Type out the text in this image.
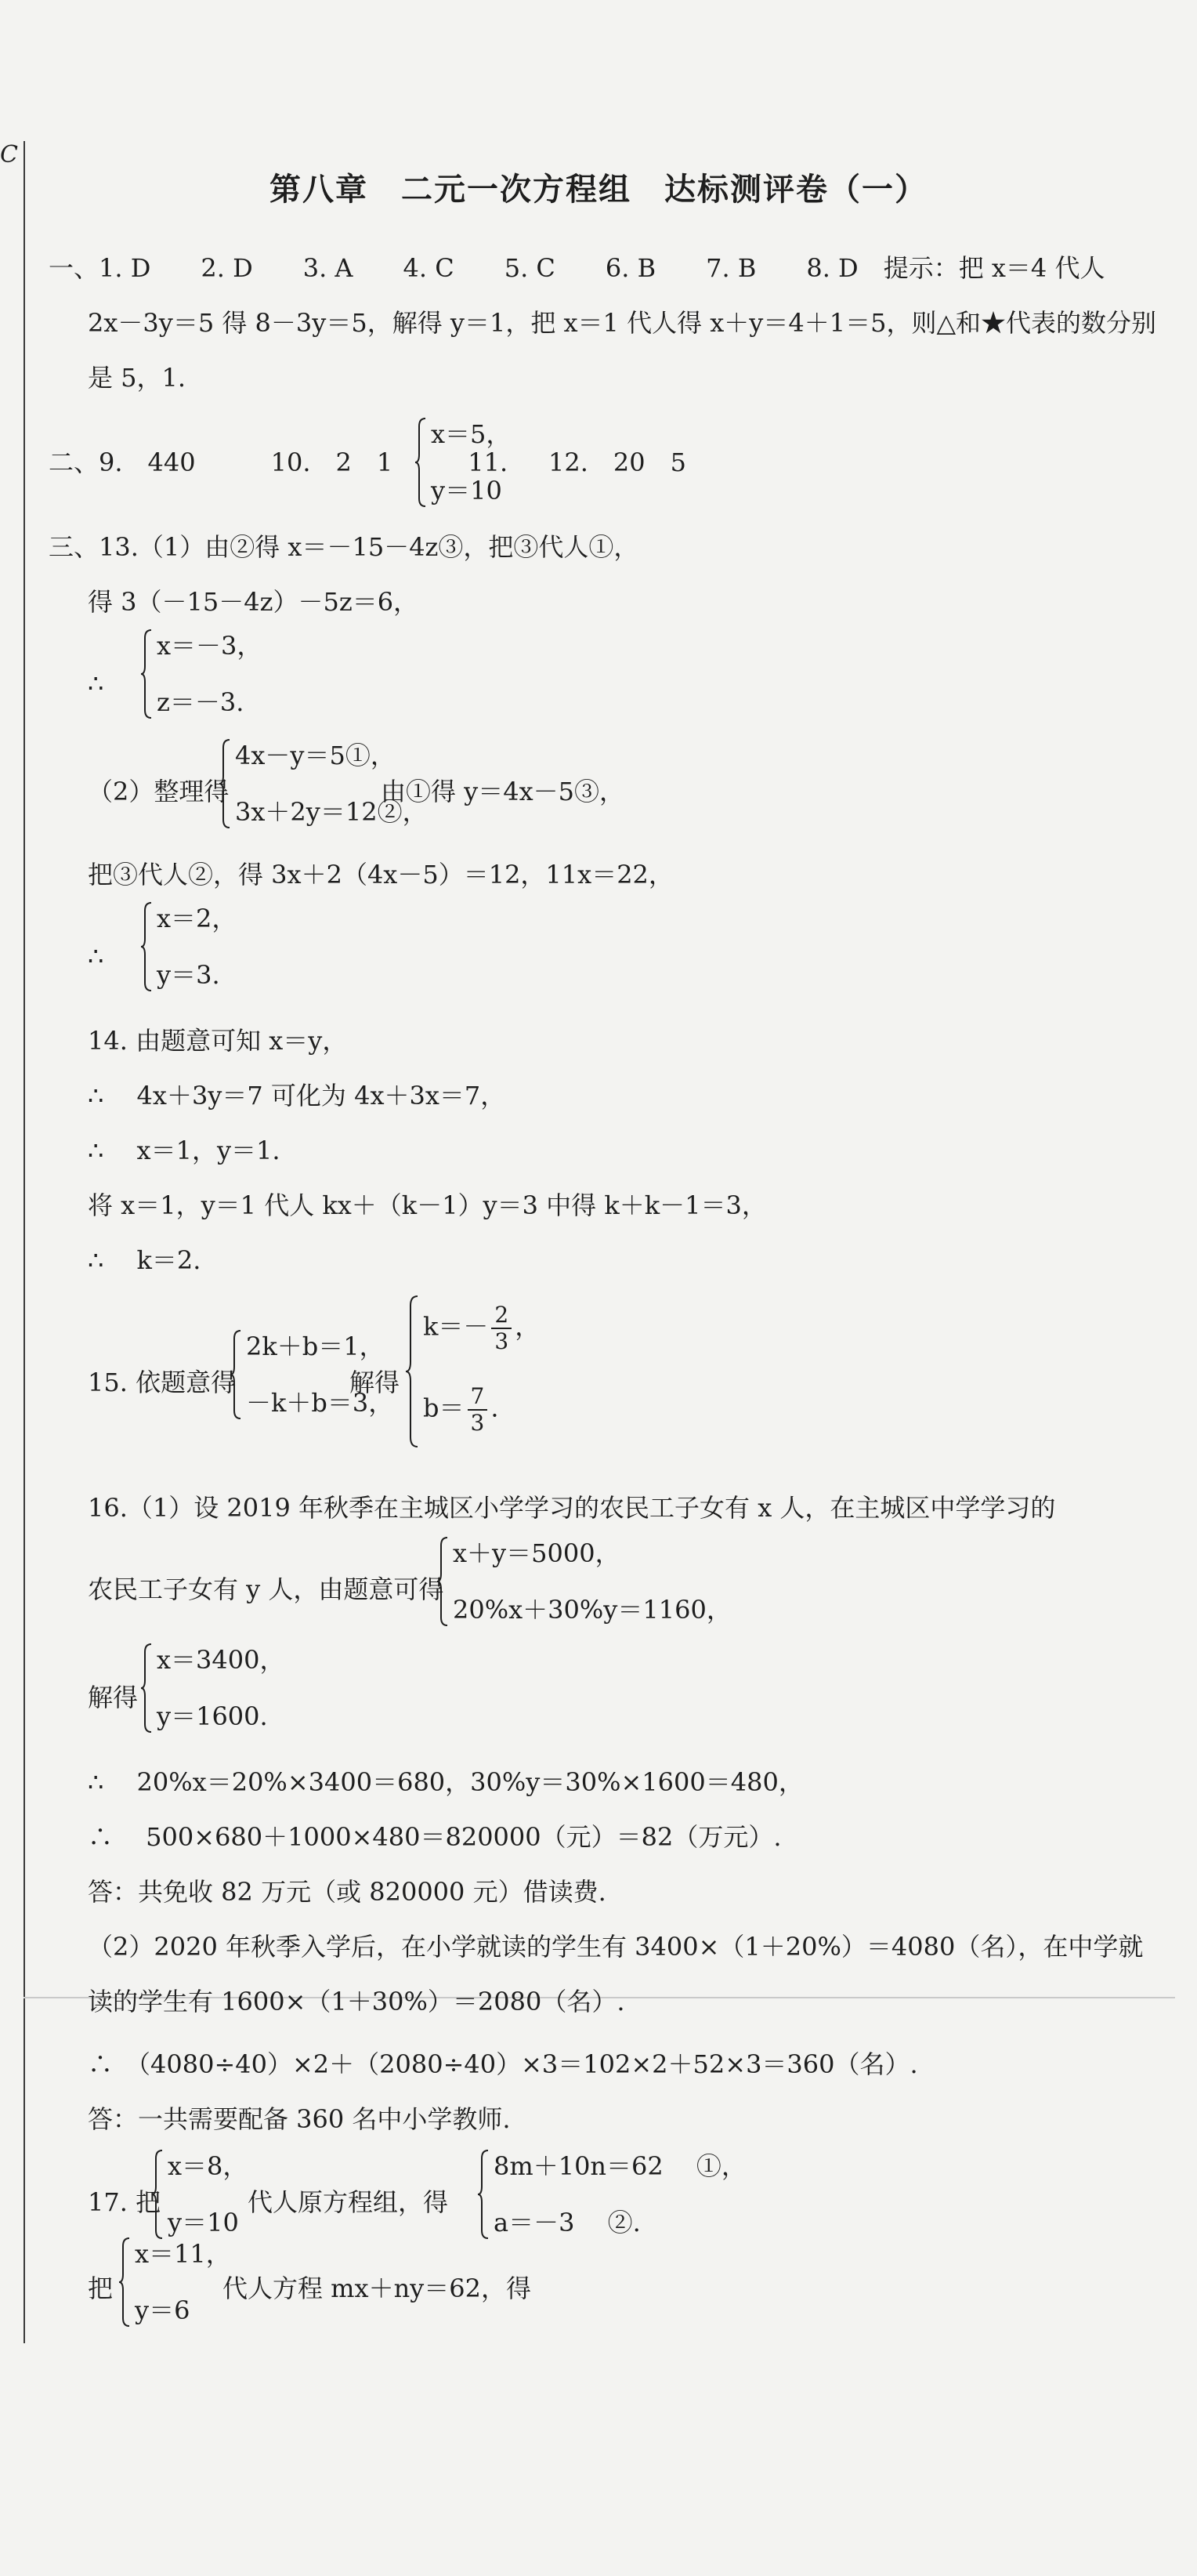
C
第八章　二元一次方程组　达标测评卷（一）
一、1. D　　2. D　　3. A　　4. C　　5. C　　6. B　　7. B　　8. D　提示：把 x＝4 代人
2x－3y＝5 得 8－3y＝5，解得 y＝1，把 x＝1 代人得 x＋y＝4＋1＝5，则△和★代表的数分别
是 5，1.
二、9.　440　　　10.　2　1　　　11.
x＝5，
y＝10
12.　20　5
三、13.（1）由②得 x＝－15－4z③，把③代人①，
得 3（－15－4z）－5z＝6，
∴
x＝－3，
z＝－3.
（2）整理得
4x－y＝5①，
3x＋2y＝12②，
由①得 y＝4x－5③，
把③代人②，得 3x＋2（4x－5）＝12，11x＝22，
∴
x＝2，
y＝3.
14. 由题意可知 x＝y，
∴　 4x＋3y＝7 可化为 4x＋3x＝7，
∴　 x＝1，y＝1.
将 x＝1，y＝1 代人 kx＋（k－1）y＝3 中得 k＋k－1＝3，
∴　 k＝2.
15. 依题意得
2k＋b＝1，
－k＋b＝3，
解得
$k=- \frac{2}{3}$ ，
$b= \frac{7}{3}$ .
16.（1）设 2019 年秋季在主城区小学学习的农民工子女有 x 人，在主城区中学学习的
农民工子女有 y 人，由题意可得
x＋y＝5000，
20%x＋30%y＝1160，
解得
x＝3400，
y＝1600.
∴　 20%x＝20%×3400＝680，30%y＝30%×1600＝480，
∴　 500×680＋1000×480＝820000（元）＝82（万元）.
答：共免收 82 万元（或 820000 元）借读费.
（2）2020 年秋季入学后，在小学就读的学生有 3400×（1＋20%）＝4080（名），在中学就
读的学生有 1600×（1＋30%）＝2080（名）.
∴　（4080÷40）×2＋（2080÷40）×3＝102×2＋52×3＝360（名）.
答：一共需要配备 360 名中小学教师.
17. 把
x＝8，
y＝10
代人原方程组，得
8m＋10n＝62　 ①，
a＝－3　 ②.
把
x＝11，
y＝6
代人方程 mx＋ny＝62，得
